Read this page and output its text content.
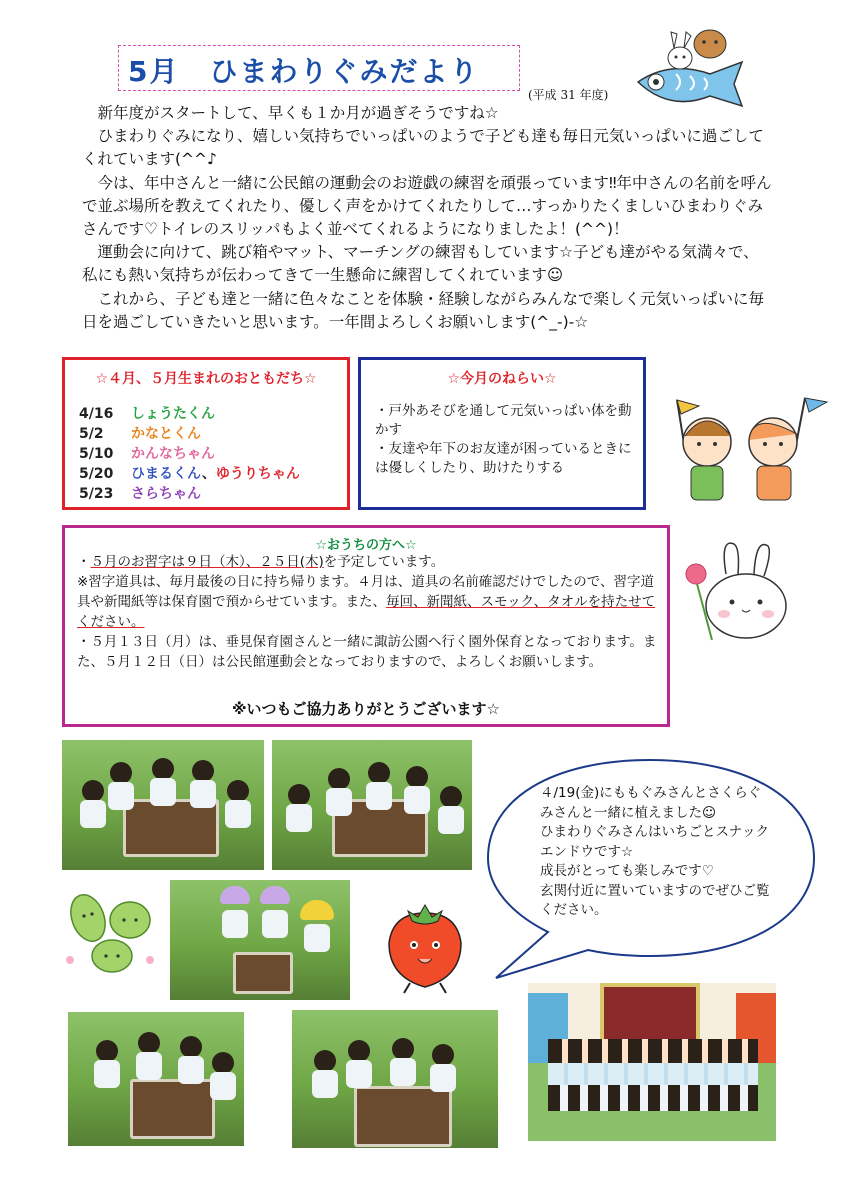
5月　ひまわりぐみだより
(平成 31 年度)

新年度がスタートして、早くも１か月が過ぎそうですね☆

ひまわりぐみになり、嬉しい気持ちでいっぱいのようで子ども達も毎日元気いっぱいに過ごしてくれています(^^♪

今は、年中さんと一緒に公民館の運動会のお遊戯の練習を頑張っています‼年中さんの名前を呼んで並ぶ場所を教えてくれたり、優しく声をかけてくれたりして…すっかりたくましいひまわりぐみさんです♡トイレのスリッパもよく並べてくれるようになりましたよ！(^^)！

運動会に向けて、跳び箱やマット、マーチングの練習もしています☆子ども達がやる気満々で、私にも熱い気持ちが伝わってきて一生懸命に練習してくれています☺

これから、子ども達と一緒に色々なことを体験・経験しながらみんなで楽しく元気いっぱいに毎日を過ごしていきたいと思います。一年間よろしくお願いします(^_-)-☆

☆４月、５月生まれのおともだち☆
4/16 しょうたくん
5/2 かなとくん
5/10 かんなちゃん
5/20 ひまるくん、ゆうりちゃん
5/23 さらちゃん
☆今月のねらい☆

・戸外あそびを通して元気いっぱい体を動かす

・友達や年下のお友達が困っているときには優しくしたり、助けたりする

☆おうちの方へ☆

・５月のお習字は９日（木）、２５日(木)を予定しています。

※習字道具は、毎月最後の日に持ち帰ります。４月は、道具の名前確認だけでしたので、習字道具や新聞紙等は保育園で預からせています。また、毎回、新聞紙、スモック、タオルを持たせてください。

・５月１３日（月）は、垂見保育園さんと一緒に諏訪公園へ行く園外保育となっております。また、５月１２日（日）は公民館運動会となっておりますので、よろしくお願いします。

※いつもご協力ありがとうございます☆

４/19(金)にももぐみさんとさくらぐみさんと一緒に植えました☺

ひまわりぐみさんはいちごとスナックエンドウです☆

成長がとっても楽しみです♡

玄関付近に置いていますのでぜひご覧ください。
